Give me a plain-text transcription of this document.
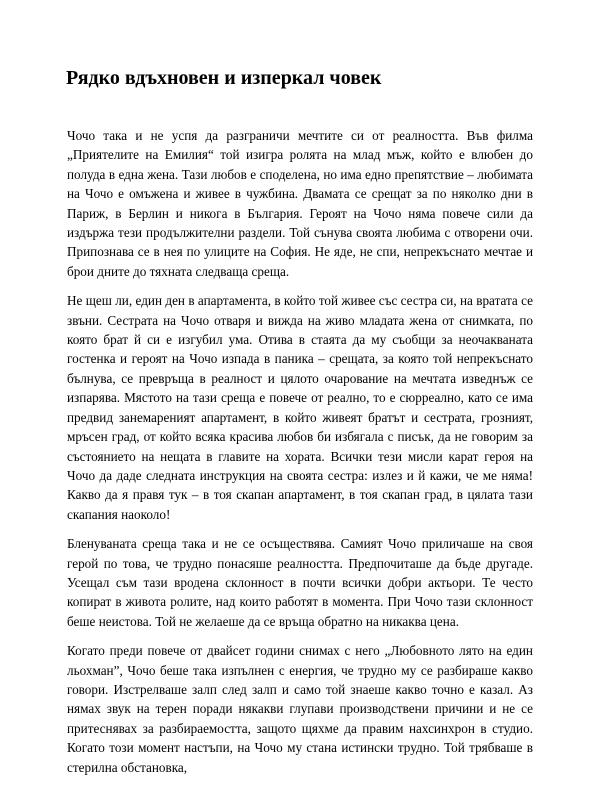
Рядко вдъхновен и изперкал човек

Чочо така и не успя да разграничи мечтите си от реалността. Във филма „Приятелите на Емилия“ той изигра ролята на млад мъж, който е влюбен до полуда в една жена. Тази любов е споделена, но има едно препятствие – любимата на Чочо е омъжена и живее в чужбина. Двамата се срещат за по няколко дни в Париж, в Берлин и никога в България. Героят на Чочо няма повече сили да издържа тези продължителни раздели. Той сънува своята любима с отворени очи. Припознава се в нея по улиците на София. Не яде, не спи, непрекъснато мечтае и брои дните до тяхната следваща среща.

Не щеш ли, един ден в апартамента, в който той живее със сестра си, на вратата се звъни. Сестрата на Чочо отваря и вижда на живо младата жена от снимката, по която брат й си е изгубил ума. Отива в стаята да му съобщи за неочакваната гостенка и героят на Чочо изпада в паника – срещата, за която той непрекъснато бълнува, се превръща в реалност и цялото очарование на мечтата изведнъж се изпарява. Мястото на тази среща е повече от реално, то е сюрреално, като се има предвид занемареният апартамент, в който живеят братът и сестрата, грозният, мръсен град, от който всяка красива любов би избягала с писък, да не говорим за състоянието на нещата в главите на хората. Всички тези мисли карат героя на Чочо да даде следната инструкция на своята сестра: излез и й кажи, че ме няма! Какво да я правя тук – в тоя скапан апартамент, в тоя скапан град, в цялата тази скапания наоколо!

Бленуваната среща така и не се осъществява. Самият Чочо приличаше на своя герой по това, че трудно понасяше реалността. Предпочиташе да бъде другаде. Усещал съм тази вродена склонност в почти всички добри актьори. Те често копират в живота ролите, над които работят в момента. При Чочо тази склонност беше неистова. Той не желаеше да се връща обратно на никаква цена.

Когато преди повече от двайсет години снимах с него „Любовното лято на един льохман”, Чочо беше така изпълнен с енергия, че трудно му се разбираше какво говори. Изстрелваше залп след залп и само той знаеше какво точно е казал. Аз нямах звук на терен поради някакви глупави производствени причини и не се притеснявах за разбираемостта, защото щяхме да правим нахсинхрон в студио. Когато този момент настъпи, на Чочо му стана истински трудно. Той трябваше в стерилна обстановка,
